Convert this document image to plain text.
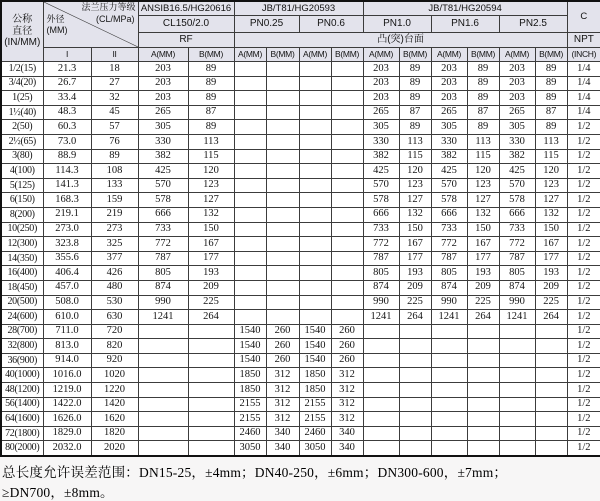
公称
直径
(IN/MM)	法兰压力等级
(CL/MPa)
外径
(MM)		ANSIB16.5/HG20616		JB/T81/HG20593				JB/T81/HG20594						C
			CL150/2.0		PN0.25		PN0.6		PN1.0		PN1.6		PN2.5		
			RF		凸(突)台面										NPT
	I	II	A(MM)	B(MM)	A(MM)	B(MM)	A(MM)	B(MM)	A(MM)	B(MM)	A(MM)	B(MM)	A(MM)	B(MM)	(INCH)
1/2(15)	21.3	18	203	89					203	89	203	89	203	89	1/4
3/4(20)	26.7	27	203	89					203	89	203	89	203	89	1/4
1(25)	33.4	32	203	89					203	89	203	89	203	89	1/4
1½(40)	48.3	45	265	87					265	87	265	87	265	87	1/4
2(50)	60.3	57	305	89					305	89	305	89	305	89	1/2
2½(65)	73.0	76	330	113					330	113	330	113	330	113	1/2
3(80)	88.9	89	382	115					382	115	382	115	382	115	1/2
4(100)	114.3	108	425	120					425	120	425	120	425	120	1/2
5(125)	141.3	133	570	123					570	123	570	123	570	123	1/2
6(150)	168.3	159	578	127					578	127	578	127	578	127	1/2
8(200)	219.1	219	666	132					666	132	666	132	666	132	1/2
10(250)	273.0	273	733	150					733	150	733	150	733	150	1/2
12(300)	323.8	325	772	167					772	167	772	167	772	167	1/2
14(350)	355.6	377	787	177					787	177	787	177	787	177	1/2
16(400)	406.4	426	805	193					805	193	805	193	805	193	1/2
18(450)	457.0	480	874	209					874	209	874	209	874	209	1/2
20(500)	508.0	530	990	225					990	225	990	225	990	225	1/2
24(600)	610.0	630	1241	264					1241	264	1241	264	1241	264	1/2
28(700)	711.0	720			1540	260	1540	260							1/2
32(800)	813.0	820			1540	260	1540	260							1/2
36(900)	914.0	920			1540	260	1540	260							1/2
40(1000)	1016.0	1020			1850	312	1850	312							1/2
48(1200)	1219.0	1220			1850	312	1850	312							1/2
56(1400)	1422.0	1420			2155	312	2155	312							1/2
64(1600)	1626.0	1620			2155	312	2155	312							1/2
72(1800)	1829.0	1820			2460	340	2460	340							1/2
80(2000)	2032.0	2020			3050	340	3050	340							1/2
总长度允许误差范围：DN15-25，±4mm；DN40-250，±6mm；DN300-600，±7mm；≥DN700，±8mm。
